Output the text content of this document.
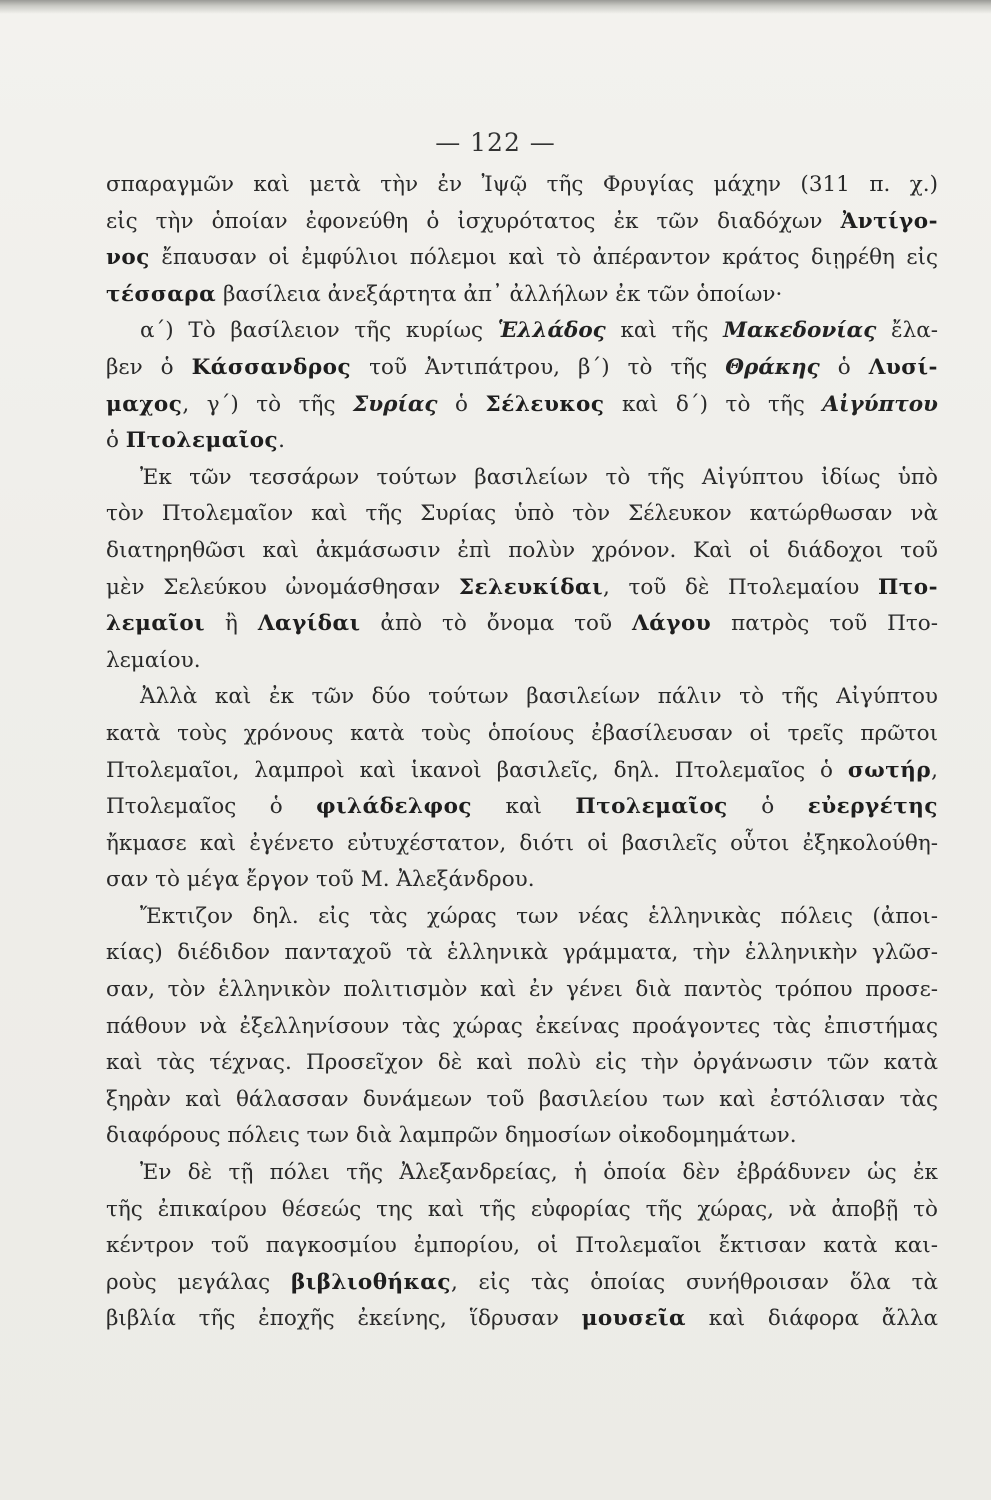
— 122 —
σπαραγμῶν καὶ μετὰ τὴν ἐν Ἰψῷ τῆς Φρυγίας μάχην (311 π. χ.)
εἰς τὴν ὁποίαν ἐφονεύθη ὁ ἰσχυρότατος ἐκ τῶν διαδόχων Ἀντίγο-
νος ἔπαυσαν οἱ ἐμφύλιοι πόλεμοι καὶ τὸ ἀπέραντον κράτος διῃρέθη εἰς
τέσσαρα βασίλεια ἀνεξάρτητα ἀπ᾽ ἀλλήλων ἐκ τῶν ὁποίων·
α΄) Τὸ βασίλειον τῆς κυρίως Ἑλλάδος καὶ τῆς Μακεδονίας ἔλα-
βεν ὁ Κάσσανδρος τοῦ Ἀντιπάτρου, β΄) τὸ τῆς Θράκης ὁ Λυσί-
μαχος, γ΄) τὸ τῆς Συρίας ὁ Σέλευκος καὶ δ΄) τὸ τῆς Αἰγύπτου
ὁ Πτολεμαῖος.
Ἐκ τῶν τεσσάρων τούτων βασιλείων τὸ τῆς Αἰγύπτου ἰδίως ὑπὸ
τὸν Πτολεμαῖον καὶ τῆς Συρίας ὑπὸ τὸν Σέλευκον κατώρθωσαν νὰ
διατηρηθῶσι καὶ ἀκμάσωσιν ἐπὶ πολὺν χρόνον. Καὶ οἱ διάδοχοι τοῦ
μὲν Σελεύκου ὠνομάσθησαν Σελευκίδαι, τοῦ δὲ Πτολεμαίου Πτο-
λεμαῖοι ἢ Λαγίδαι ἀπὸ τὸ ὄνομα τοῦ Λάγου πατρὸς τοῦ Πτο-
λεμαίου.
Ἀλλὰ καὶ ἐκ τῶν δύο τούτων βασιλείων πάλιν τὸ τῆς Αἰγύπτου
κατὰ τοὺς χρόνους κατὰ τοὺς ὁποίους ἐβασίλευσαν οἱ τρεῖς πρῶτοι
Πτολεμαῖοι, λαμπροὶ καὶ ἱκανοὶ βασιλεῖς, δηλ. Πτολεμαῖος ὁ σωτήρ,
Πτολεμαῖος ὁ φιλάδελφος καὶ Πτολεμαῖος ὁ εὐεργέτης
ἤκμασε καὶ ἐγένετο εὐτυχέστατον, διότι οἱ βασιλεῖς οὗτοι ἐξηκολούθη-
σαν τὸ μέγα ἔργον τοῦ Μ. Ἀλεξάνδρου.
Ἔκτιζον δηλ. εἰς τὰς χώρας των νέας ἑλληνικὰς πόλεις (ἀποι-
κίας) διέδιδον πανταχοῦ τὰ ἑλληνικὰ γράμματα, τὴν ἑλληνικὴν γλῶσ-
σαν, τὸν ἑλληνικὸν πολιτισμὸν καὶ ἐν γένει διὰ παντὸς τρόπου προσε-
πάθουν νὰ ἐξελληνίσουν τὰς χώρας ἐκείνας προάγοντες τὰς ἐπιστήμας
καὶ τὰς τέχνας. Προσεῖχον δὲ καὶ πολὺ εἰς τὴν ὀργάνωσιν τῶν κατὰ
ξηρὰν καὶ θάλασσαν δυνάμεων τοῦ βασιλείου των καὶ ἐστόλισαν τὰς
διαφόρους πόλεις των διὰ λαμπρῶν δημοσίων οἰκοδομημάτων.
Ἐν δὲ τῇ πόλει τῆς Ἀλεξανδρείας, ἡ ὁποία δὲν ἐβράδυνεν ὡς ἐκ
τῆς ἐπικαίρου θέσεώς της καὶ τῆς εὐφορίας τῆς χώρας, νὰ ἀποβῇ τὸ
κέντρον τοῦ παγκοσμίου ἐμπορίου, οἱ Πτολεμαῖοι ἔκτισαν κατὰ και-
ροὺς μεγάλας βιβλιοθήκας, εἰς τὰς ὁποίας συνήθροισαν ὅλα τὰ
βιβλία τῆς ἐποχῆς ἐκείνης, ἵδρυσαν μουσεῖα καὶ διάφορα ἄλλα
